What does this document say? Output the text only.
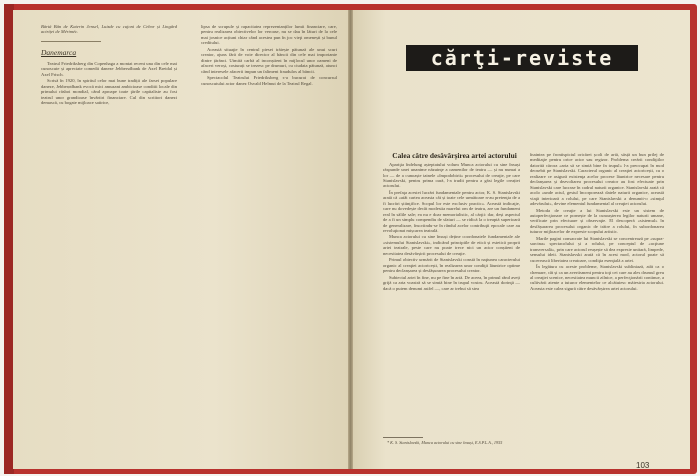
Bărtă Bân de Katerin Jensel, Luizde cu cujoni de Cebor și Lingârd actriței de Mériméc.

Danemarca

Teatrul Friedriksberg din Copenhaga a montat recent una din cele mai cunoscute și apreciate comedii daneze Jebbersdbank de Axel Breidal și Axel Frisch.

Scrisă în 1920, în spiritul celor mai bune tradiții ale farsei populare daneze, Jebberødbank evocă mici amuzant ambicioase conditii locale din primului răsboi mondial, când aproape toate ţările capitaliste au fost teatrul unor grandioase învârtiri financiare. Cul din scriitori danezi demască, cu bogate mijloace satirice,

lipsa de scrupule și rapacitatea reprezentanților lumii financiare, care, pentru realizarea obiectivelor lor veroase, nu se dau în lături de la cele mai josnice acțiuni chiar când acestea pun în joc vieţi omenești și bunul creditului.

Această situaţie în centrul piesei trăiește pătunză ale unui scurt creator, ajuns fără de voie director al băncii din cele mai importante dintre țărănci. Uimită carbă al inconștient în mijlocul unor oameni de afaceri veroși, costurați se trezesc pe drumuri, cu ciudata pătunză, atunci când interesele afacerii impun un faliment fraudulos al băncii.

Spectacolul Teatrului Friedriksberg s-a bucurat de concursul cunoscutului actor danez Osvald Helmut de la Teatrul Regal.

cărţi-reviste

Calea către desăvârșirea artei actorului

Apariţia îndelung așteptatului volum Munca actorului cu sine însuși răspunde unei unanime năzuinţe a oamenilor de teatru — și nu numai a lor — de a cunoaște tainele «împodobirii» procesului de creaţie, pe care Stanislavski, pentru prima oară, l-a trudit pentru a găsi legile creației actorului.

În prefaţa acestei lucrări fundamentale pentru actor, K. S. Stanislavski arată că «atât cartea aceasta cât și toate cele următoare n-au pretenţia de a fi lucrări știinţifice. Scopul lor este exclusiv practic». Această indicaţie, care nu dovedește decât modestia marelui om de teatru, are un fundament real în sălile sale; ea nu e doar memorialistic, al cărţii: dar, deși aspectul de a fi un simplu compendiu de sfaturi — se ridică la o treaptă superioară de generalizare, înscriindu-se în rândul acelor contribuţii epocale care au revoluţionat mișcarea teatrală.

Munca actorului cu sine însuși deține coordonatele fundamentale ale «sistemului Stanislavski», indicând principiile de etică și estetică proprii artei teatrale, peste care nu poate trece nici un actor conștient de necesitatea desăvârșirii procesului de creaţie.

Primul obiectiv urmărit de Stanislavski constă în naţiunea caracterului organic al creaţiei actoricești, în realizarea unor condiţii lăuntrice optime pentru declanșarea și desfășurarea procesului creator.

Subiectul artei în fine, nu pe fine în artă. De aceea, în primul rând aveți grijă ca arta voastră să se simtă bine în trupul vostru. Această dorinţă — dacă o putem denumi astfel —, care ar trebui să stea

înaintea pe frontispiciul oricărei școli de artă, săsță un bun prilej de meditaţie pentru orice actor sau regizor. Problema creării condiţiilor datorită cărora «arta să se simtă bine în trupul» l-a preocupat în mod deosebit pe Stanislavski. Caracterul organic al creaţiei actoricești, cu o realizare ce asigură existenţa acelor procese lăuntrice necesare pentru declanșarea și dezvoltarea procesului creator au fost efectuate prin Stanislavski care lucrase în cadrul naturii organice. Stanislavski arată că acolo «unde actul, gestul încorporează datele naturii organice, această viaţă interioară a rolului, pe care Stanislavski a denumit-o «simţul adevărului», devine elementul fundamental al creaţiei actorului.

Metoda de creaţie a lui Stanislavski este un sistem de autoperfecţionare ce pornește de la cunoașterea legilor naturii umane, verificate prin efectuare și observaţie. El descoperă «sistemul» în desfășurarea procesului organic de trăire a rolului, în subordonarea tuturor mijloacelor de expresie scopului artistic.

Marile pagini consacrate lui Stanislavski se concentrează pe «supra-sarcina» spectacolului și a rolului, pe conceptul de «acţiune transversală», prin care actorul reușește să dea expresie unitară, limpede, sensului ideii. Stanislavski arată că în acest mod, actorul poate să cucerească libertatea creatoare, condiţia esenţială a artei.

În legătura cu aceste probleme, Stanislavski subliniază, atât ca o chemare, cât și ca un avertisment pentru toţi cei care au ales drumul greu al creaţiei scenice, necesitatea muncii zilnice, a perfecţionării continue, a cultivării atente a tuturor elementelor ce alcătuiesc măiestria actorului. Aceasta este calea sigură către desăvârșirea artei actorului.

* K. S. Stanislavski, Munca actorului cu sine însuși, E.S.P.L.A., 1955
103
